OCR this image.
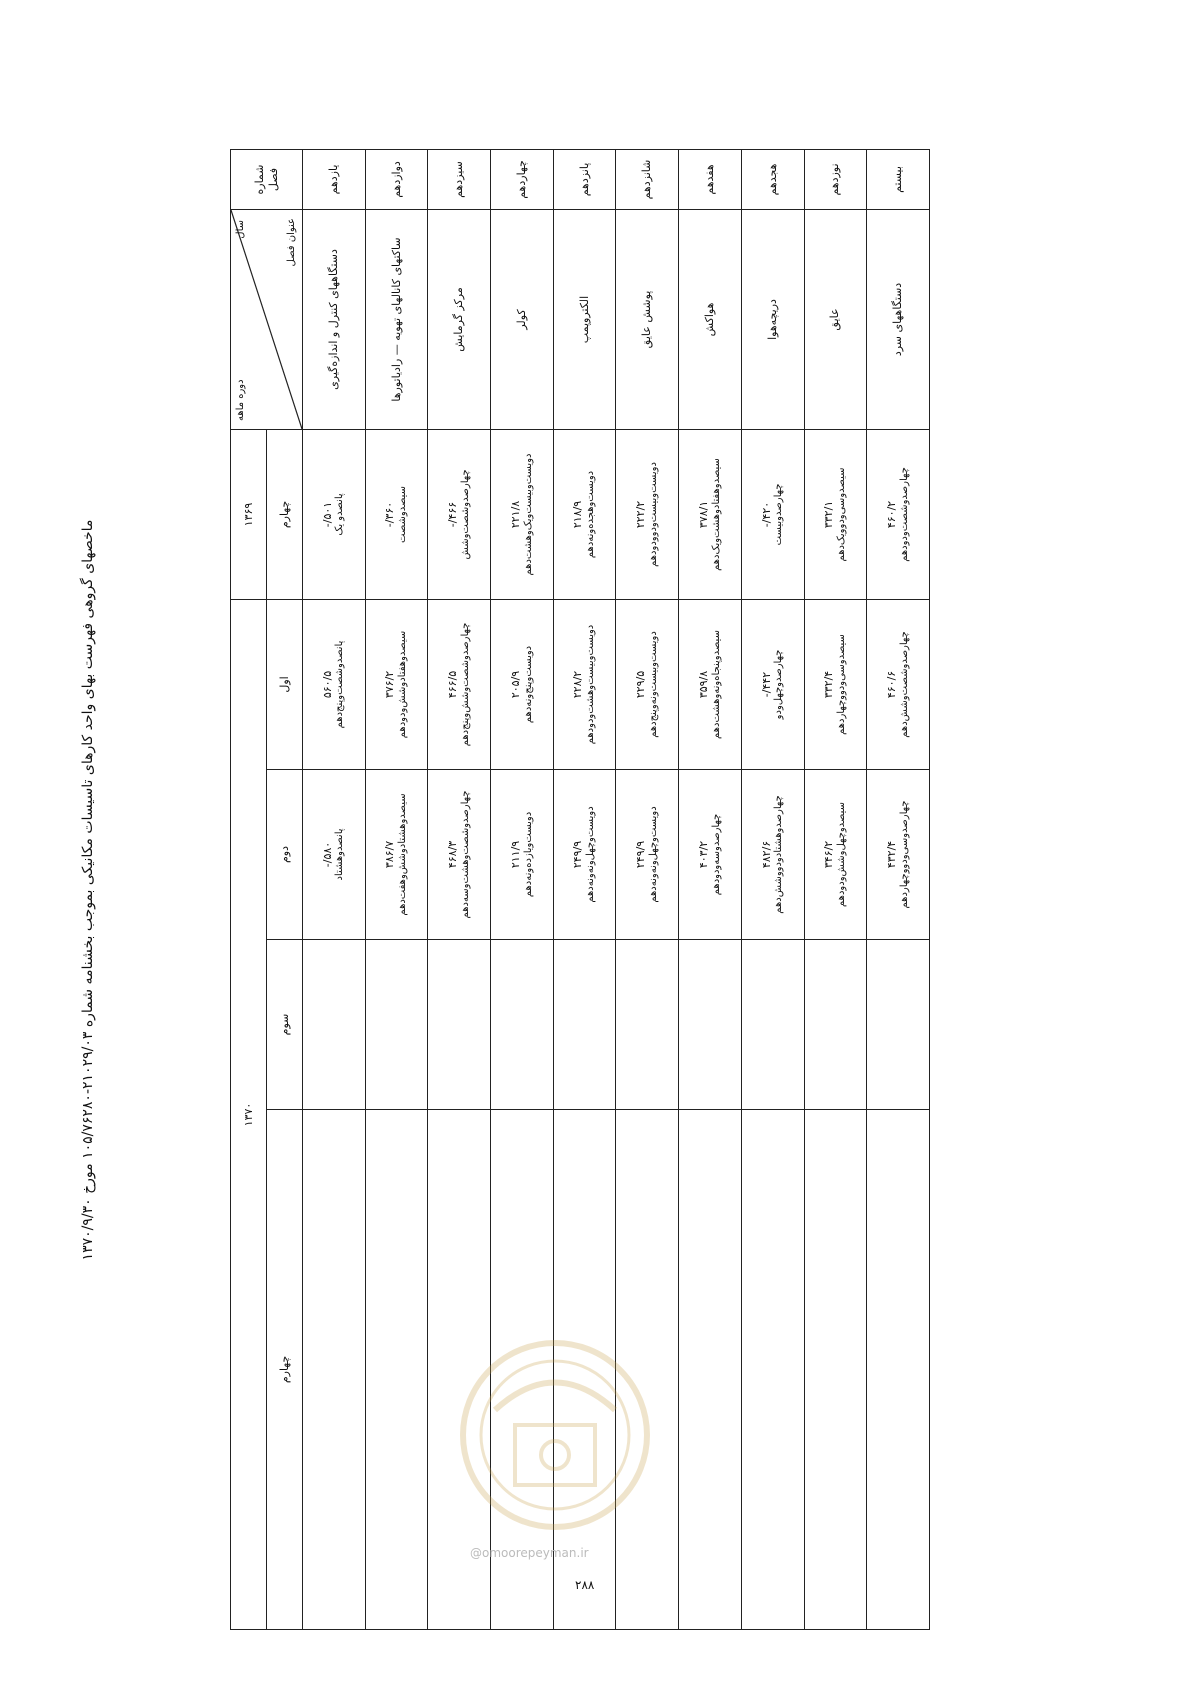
ماخصهای گروهی فهرست بهای واحد کارهای تاسیسات مکانیکی بموجب بخشنامه شماره ۲۱۰۲۹/۰۳-۱۰۵/۷۶۲۸۰ مورخ ۱۳۷۰/۹/۳۰
شماره فصل	دوره ماهه
سال عنوان فصل	۱۳۶۹	۱۳۷۰			
		چهارم	اول	دوم	سوم	چهارم
یازدهم	دستگاههای کنترل و اندازه‌گیری	۵۰۱/- پانصدو یک	۵۶۰/۵ پانصدوشصت‌وپنج‌دهم	۵۸۰/- پانصدوهشتاد		

دوازدهم	ساکتهای کانالهای تهویه — رادیاتورها	۳۶۰/- سیصدوشصت	۳۷۶/۲ سیصدوهفتادوشش‌ودودهم	۳۸۶/۷ سیصدوهشتادوشش‌وهفت‌دهم		

سیزدهم	مرکز گرمایش	۴۶۶/- چهارصدوشصت‌وشش	۴۶۶/۵ چهارصدوشصت‌وشش‌وپنج‌دهم	۴۶۸/۳ چهارصدوشصت‌وهشت‌وسه‌دهم		

چهاردهم	کولر	۲۲۱/۸ دویست‌وبیست‌ویک‌وهشت‌دهم	۲۰۵/۹ دویست‌وپنج‌ونه‌دهم	۲۱۱/۹ دویست‌ویازده‌ونه‌دهم		

پانزدهم	الکتروپمپ	۲۱۸/۹ دویست‌وهجده‌ونه‌دهم	۲۲۸/۲ دویست‌وبیست‌وهشت‌ودودهم	۲۴۹/۹ دویست‌وچهل‌ونه‌ونه‌دهم		

شانزدهم	پوشش عایق	۲۲۲/۲ دویست‌وبیست‌ودو‌ودودهم	۲۲۹/۵ دویست‌وبیست‌ونه‌وپنج‌دهم	۲۴۹/۹ دویست‌وچهل‌ونه‌ونه‌دهم		

هفدهم	هواکش	۳۷۸/۱ سیصدوهفتادوهشت‌ویک‌دهم	۳۵۹/۸ سیصدوپنجاه‌ونه‌وهشت‌دهم	۴۰۳/۲ چهارصدوسه‌ودودهم		

هجدهم	دریچه‌هوا	۴۲۰/- چهارصدوبیست	۴۴۲/- چهارصدوچهل‌ودو	۴۸۲/۶ چهارصدوهشتادودو‌وشش‌دهم		

نوزدهم	عایق	۳۳۲/۱ سیصدوسی‌ودو‌ویک‌دهم	۳۳۲/۴ سیصدوسی‌ودو‌وچهاردهم	۳۴۶/۲ سیصدوچهل‌وشش‌ودودهم		

بیستم	دستگاههای سرد	۴۶۰/۲ چهارصدوشصت‌ودودهم	۴۶۰/۶ چهارصدوشصت‌وشش‌دهم	۴۳۲/۴ چهارصدوسی‌ودو‌وچهاردهم		

@omoorepeyman.ir
۲۸۸
